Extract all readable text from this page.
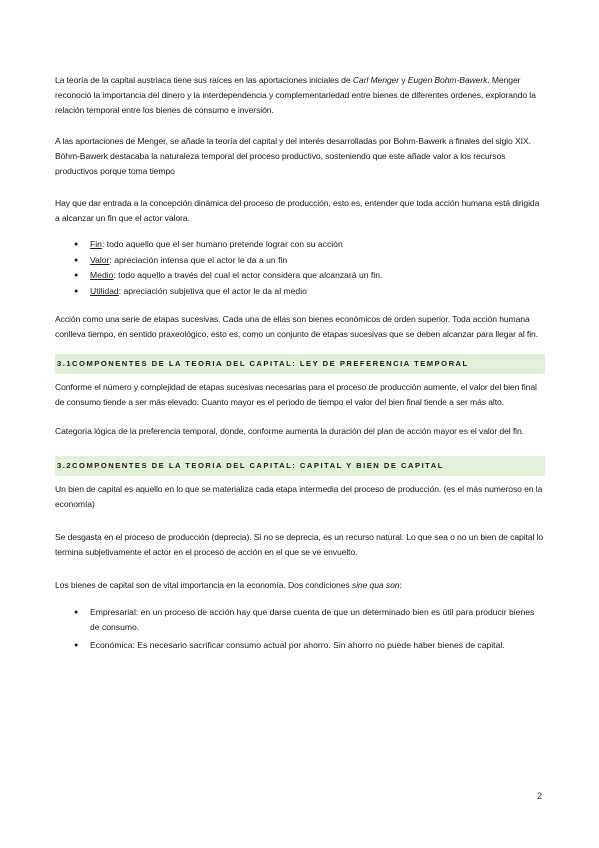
La teoría de la capital austriaca tiene sus raíces en las aportaciones iniciales de Carl Menger y Eugen Bohm-Bawerk. Menger reconoció la importancia del dinero y la interdependencia y complementariedad entre bienes de diferentes ordenes, explorando la relación temporal entre los bienes de consumo e inversión.

A las aportaciones de Menger, se añade la teoría del capital y del interés desarrolladas por Bohm-Bawerk a finales del siglo XIX. Böhm-Bawerk destacaba la naturaleza temporal del proceso productivo, sosteniendo que este añade valor a los recursos productivos porque toma tiempo

Hay que dar entrada a la concepción dinámica del proceso de producción, esto es, entender que toda acción humana está dirigida a alcanzar un fin que el actor valora.

● Fin: todo aquello que el ser humano pretende lograr con su acción
● Valor: apreciación intensa que el actor le da a un fin
● Medio: todo aquello a través del cual el actor considera que alcanzará un fin.
● Utilidad: apreciación subjetiva que el actor le da al medio

Acción como una serie de etapas sucesivas. Cada una de ellas son bienes económicos de orden superior. Toda acción humana conlleva tiempo, en sentido praxeológico, esto es, como un conjunto de etapas sucesivas que se deben alcanzar para llegar al fin.

3.1COMPONENTES DE LA TEORIA DEL CAPITAL: LEY DE PREFERENCIA TEMPORAL

Conforme el número y complejidad de etapas sucesivas necesarias para el proceso de producción aumente, el valor del bien final de consumo tiende a ser más elevado. Cuanto mayor es el periodo de tiempo el valor del bien final tiende a ser más alto.

Categoría lógica de la preferencia temporal, donde, conforme aumenta la duración del plan de acción mayor es el valor del fin.

3.2COMPONENTES DE LA TEORIA DEL CAPITAL: CAPITAL Y BIEN DE CAPITAL

Un bien de capital es aquello en lo que se materializa cada etapa intermedia del proceso de producción. (es el más numeroso en la economía)

Se desgasta en el proceso de producción (deprecia). Si no se deprecia, es un recurso natural. Lo que sea o no un bien de capital lo termina subjetivamente el actor en el proceso de acción en el que se ve envuelto.

Los bienes de capital son de vital importancia en la economía. Dos condiciones sine qua son:

● Empresarial: en un proceso de acción hay que darse cuenta de que un determinado bien es útil para producir bienes de consumo.
● Económica: Es necesario sacrificar consumo actual por ahorro. Sin ahorro no puede haber bienes de capital.
2
